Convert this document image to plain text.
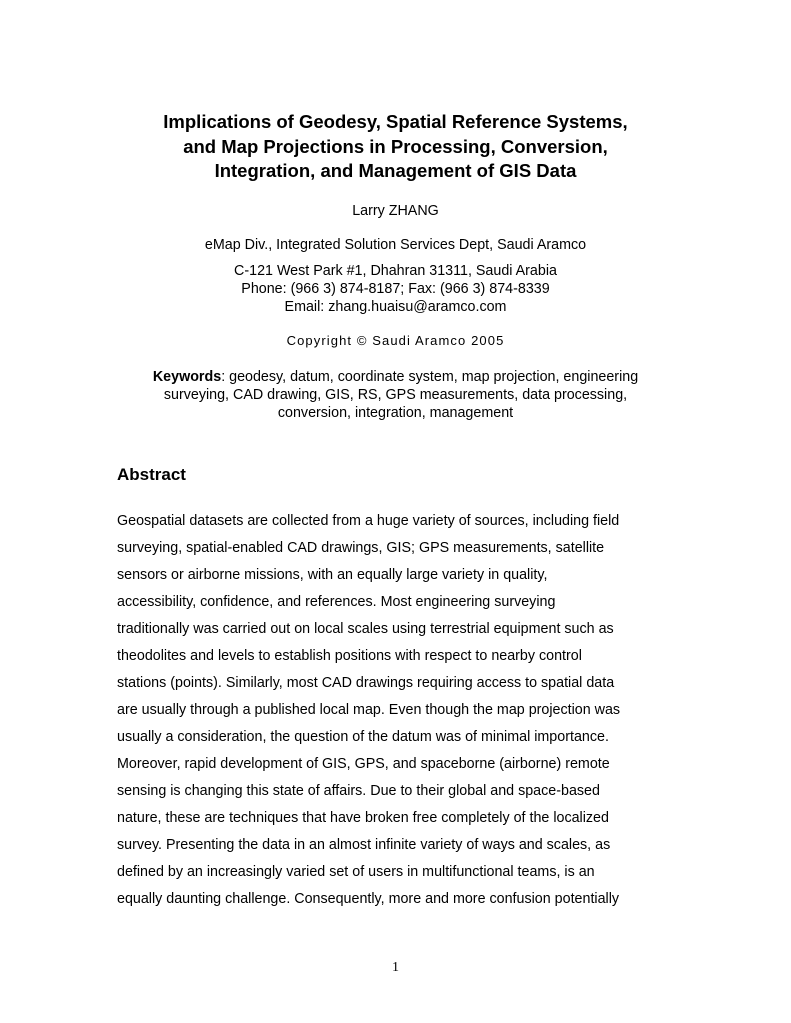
Implications of Geodesy, Spatial Reference Systems,
and Map Projections in Processing, Conversion,
Integration, and Management of GIS Data
Larry ZHANG
eMap Div., Integrated Solution Services Dept, Saudi Aramco
C-121 West Park #1, Dhahran 31311, Saudi Arabia
Phone: (966 3) 874-8187; Fax: (966 3) 874-8339
Email: zhang.huaisu@aramco.com
Copyright © Saudi Aramco 2005
Keywords: geodesy, datum, coordinate system, map projection, engineering
surveying, CAD drawing, GIS, RS, GPS measurements, data processing,
conversion, integration, management
Abstract
Geospatial datasets are collected from a huge variety of sources, including field
surveying, spatial-enabled CAD drawings, GIS; GPS measurements, satellite
sensors or airborne missions, with an equally large variety in quality,
accessibility, confidence, and references. Most engineering surveying
traditionally was carried out on local scales using terrestrial equipment such as
theodolites and levels to establish positions with respect to nearby control
stations (points). Similarly, most CAD drawings requiring access to spatial data
are usually through a published local map. Even though the map projection was
usually a consideration, the question of the datum was of minimal importance.
Moreover, rapid development of GIS, GPS, and spaceborne (airborne) remote
sensing is changing this state of affairs. Due to their global and space-based
nature, these are techniques that have broken free completely of the localized
survey. Presenting the data in an almost infinite variety of ways and scales, as
defined by an increasingly varied set of users in multifunctional teams, is an
equally daunting challenge. Consequently, more and more confusion potentially
1
